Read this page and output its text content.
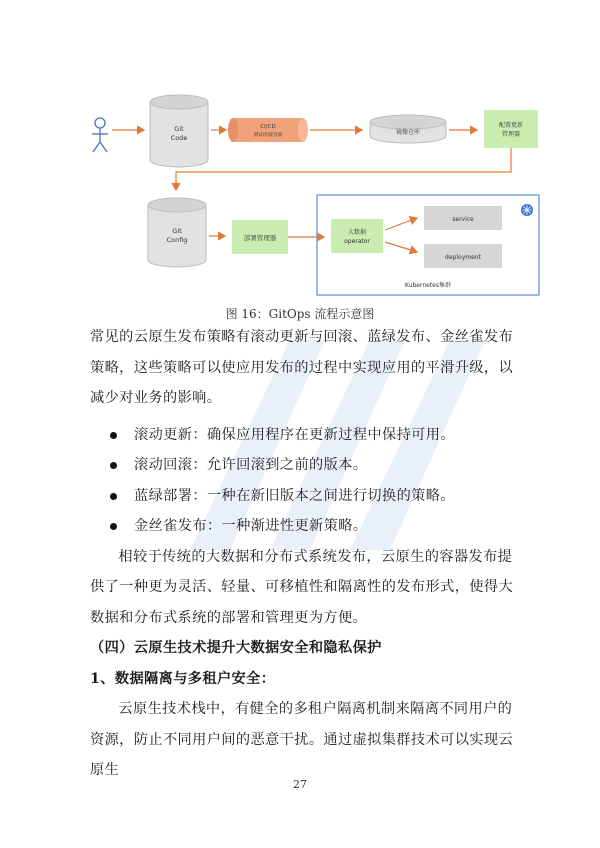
Git
Code
CI/CD
测试/构建容器	镜像仓库
配置更新
管理器
Git
Config	部署管理器
大数据
operator
service
deployment
Kubernetes集群
图 16：GitOps 流程示意图

常见的云原生发布策略有滚动更新与回滚、蓝绿发布、金丝雀发布策略，这些策略可以使应用发布的过程中实现应用的平滑升级，以减少对业务的影响。

滚动更新：确保应用程序在更新过程中保持可用。
滚动回滚：允许回滚到之前的版本。
蓝绿部署：一种在新旧版本之间进行切换的策略。
金丝雀发布：一种渐进性更新策略。

相较于传统的大数据和分布式系统发布，云原生的容器发布提供了一种更为灵活、轻量、可移植性和隔离性的发布形式，使得大数据和分布式系统的部署和管理更为方便。

（四）云原生技术提升大数据安全和隐私保护

1、数据隔离与多租户安全：

云原生技术栈中，有健全的多租户隔离机制来隔离不同用户的资源，防止不同用户间的恶意干扰。通过虚拟集群技术可以实现云原生

27
